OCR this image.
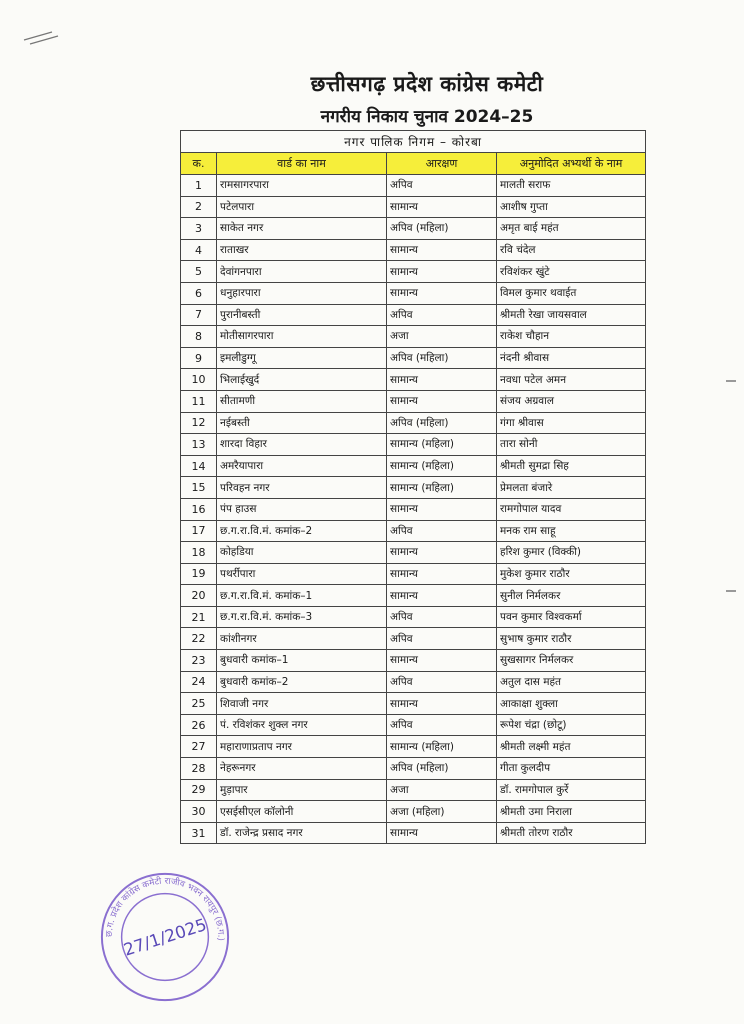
छत्तीसगढ़ प्रदेश कांग्रेस कमेटी
नगरीय निकाय चुनाव 2024–25
नगर पालिक निगम – कोरबा			
क.	वार्ड का नाम	आरक्षण	अनुमोदित अभ्यर्थी के नाम
1	रामसागरपारा	अपिव	मालती सराफ
2	पटेलपारा	सामान्य	आशीष गुप्ता
3	साकेत नगर	अपिव (महिला)	अमृत बाई महंत
4	राताखर	सामान्य	रवि चंदेल
5	देवांगनपारा	सामान्य	रविशंकर खुंटे
6	धनुहारपारा	सामान्य	विमल कुमार थवाईत
7	पुरानीबस्ती	अपिव	श्रीमती रेखा जायसवाल
8	मोतीसागरपारा	अजा	राकेश चौहान
9	इमलीडुग्गू	अपिव (महिला)	नंदनी श्रीवास
10	भिलाईखुर्द	सामान्य	नवधा पटेल अमन
11	सीतामणी	सामान्य	संजय अग्रवाल
12	नईबस्ती	अपिव (महिला)	गंगा श्रीवास
13	शारदा विहार	सामान्य (महिला)	तारा सोनी
14	अमरैयापारा	सामान्य (महिला)	श्रीमती सुमद्रा सिह
15	परिवहन नगर	सामान्य (महिला)	प्रेमलता बंजारे
16	पंप हाउस	सामान्य	रामगोपाल यादव
17	छ.ग.रा.वि.मं. कमांक–2	अपिव	मनक राम साहू
18	कोहडिया	सामान्य	हरिश कुमार (विक्की)
19	पथर्रीपारा	सामान्य	मुकेश कुमार राठौर
20	छ.ग.रा.वि.मं. कमांक–1	सामान्य	सुनील निर्मलकर
21	छ.ग.रा.वि.मं. कमांक–3	अपिव	पवन कुमार विश्वकर्मा
22	कांशीनगर	अपिव	सुभाष कुमार राठौर
23	बुधवारी कमांक–1	सामान्य	सुखसागर निर्मलकर
24	बुधवारी कमांक–2	अपिव	अतुल दास महंत
25	शिवाजी नगर	सामान्य	आकाक्षा शुक्ला
26	पं. रविशंकर शुक्ल नगर	अपिव	रूपेश चंद्रा (छोटू)
27	महाराणाप्रताप नगर	सामान्य (महिला)	श्रीमती लक्ष्मी महंत
28	नेहरूनगर	अपिव (महिला)	गीता कुलदीप
29	मुड़ापार	अजा	डॉ. रामगोपाल कुर्रे
30	एसईसीएल कॉलोनी	अजा (महिला)	श्रीमती उमा निराला
31	डॉ. राजेन्द्र प्रसाद नगर	सामान्य	श्रीमती तोरण राठौर
छ.ग. प्रदेश कांग्रेस कमेटी राजीव भवन रायपुर (छ.ग.)
27/1/2025
